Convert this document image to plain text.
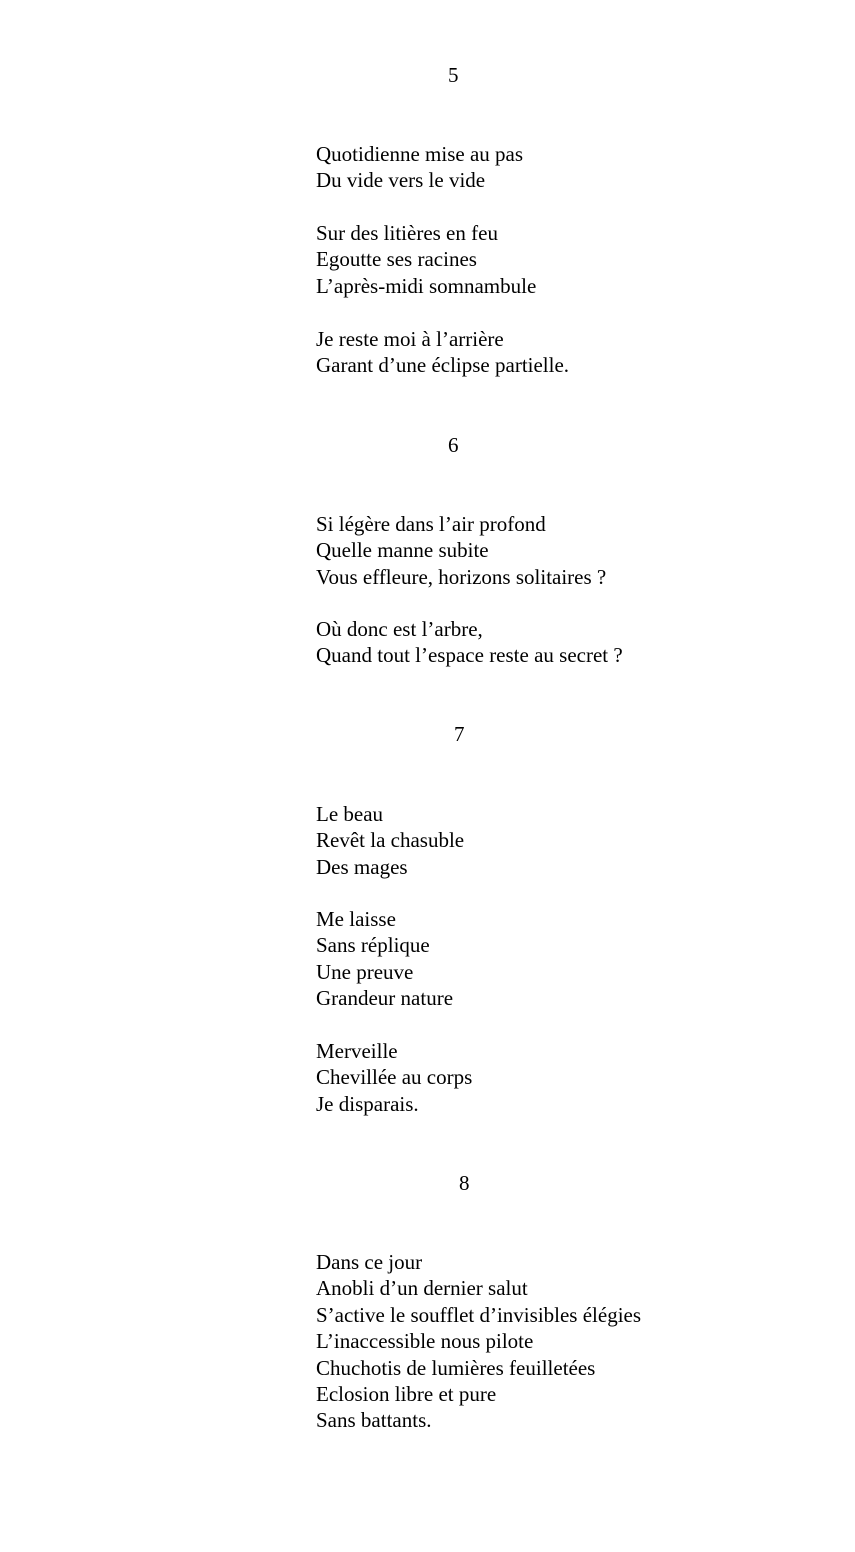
5

Quotidienne mise au pas
Du vide vers le vide
Sur des litières en feu
Egoutte ses racines
L’après-midi somnambule
Je reste moi à l’arrière
Garant d’une éclipse partielle.

6

Si légère dans l’air profond
Quelle manne subite
Vous effleure, horizons solitaires ?
Où donc est l’arbre,
Quand tout l’espace reste au secret ?

7

Le beau
Revêt la chasuble
Des mages
Me laisse
Sans réplique
Une preuve
Grandeur nature
Merveille
Chevillée au corps
Je disparais.

8

Dans ce jour
Anobli d’un dernier salut
S’active le soufflet d’invisibles élégies
L’inaccessible nous pilote
Chuchotis de lumières feuilletées
Eclosion libre et pure
Sans battants.
